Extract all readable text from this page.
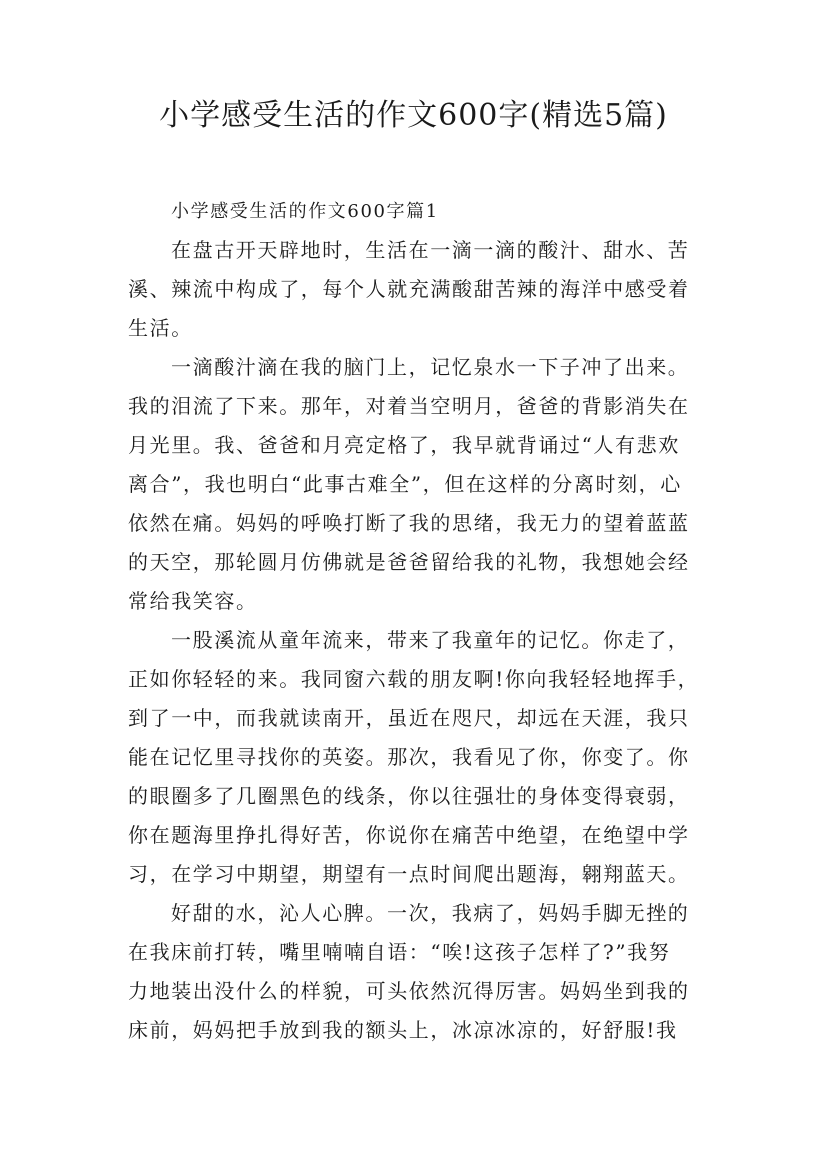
小学感受生活的作文600字(精选5篇)
小学感受生活的作文600字篇1
在盘古开天辟地时，生活在一滴一滴的酸汁、甜水、苦
溪、辣流中构成了，每个人就充满酸甜苦辣的海洋中感受着
生活。
一滴酸汁滴在我的脑门上，记忆泉水一下子冲了出来。
我的泪流了下来。那年，对着当空明月，爸爸的背影消失在
月光里。我、爸爸和月亮定格了，我早就背诵过“人有悲欢
离合”，我也明白“此事古难全”，但在这样的分离时刻，心
依然在痛。妈妈的呼唤打断了我的思绪，我无力的望着蓝蓝
的天空，那轮圆月仿佛就是爸爸留给我的礼物，我想她会经
常给我笑容。
一股溪流从童年流来，带来了我童年的记忆。你走了，
正如你轻轻的来。我同窗六载的朋友啊!你向我轻轻地挥手，
到了一中，而我就读南开，虽近在咫尺，却远在天涯，我只
能在记忆里寻找你的英姿。那次，我看见了你，你变了。你
的眼圈多了几圈黑色的线条，你以往强壮的身体变得衰弱，
你在题海里挣扎得好苦，你说你在痛苦中绝望，在绝望中学
习，在学习中期望，期望有一点时间爬出题海，翱翔蓝天。
好甜的水，沁人心脾。一次，我病了，妈妈手脚无挫的
在我床前打转，嘴里喃喃自语：“唉!这孩子怎样了?”我努
力地装出没什么的样貌，可头依然沉得厉害。妈妈坐到我的
床前，妈妈把手放到我的额头上，冰凉冰凉的，好舒服!我
